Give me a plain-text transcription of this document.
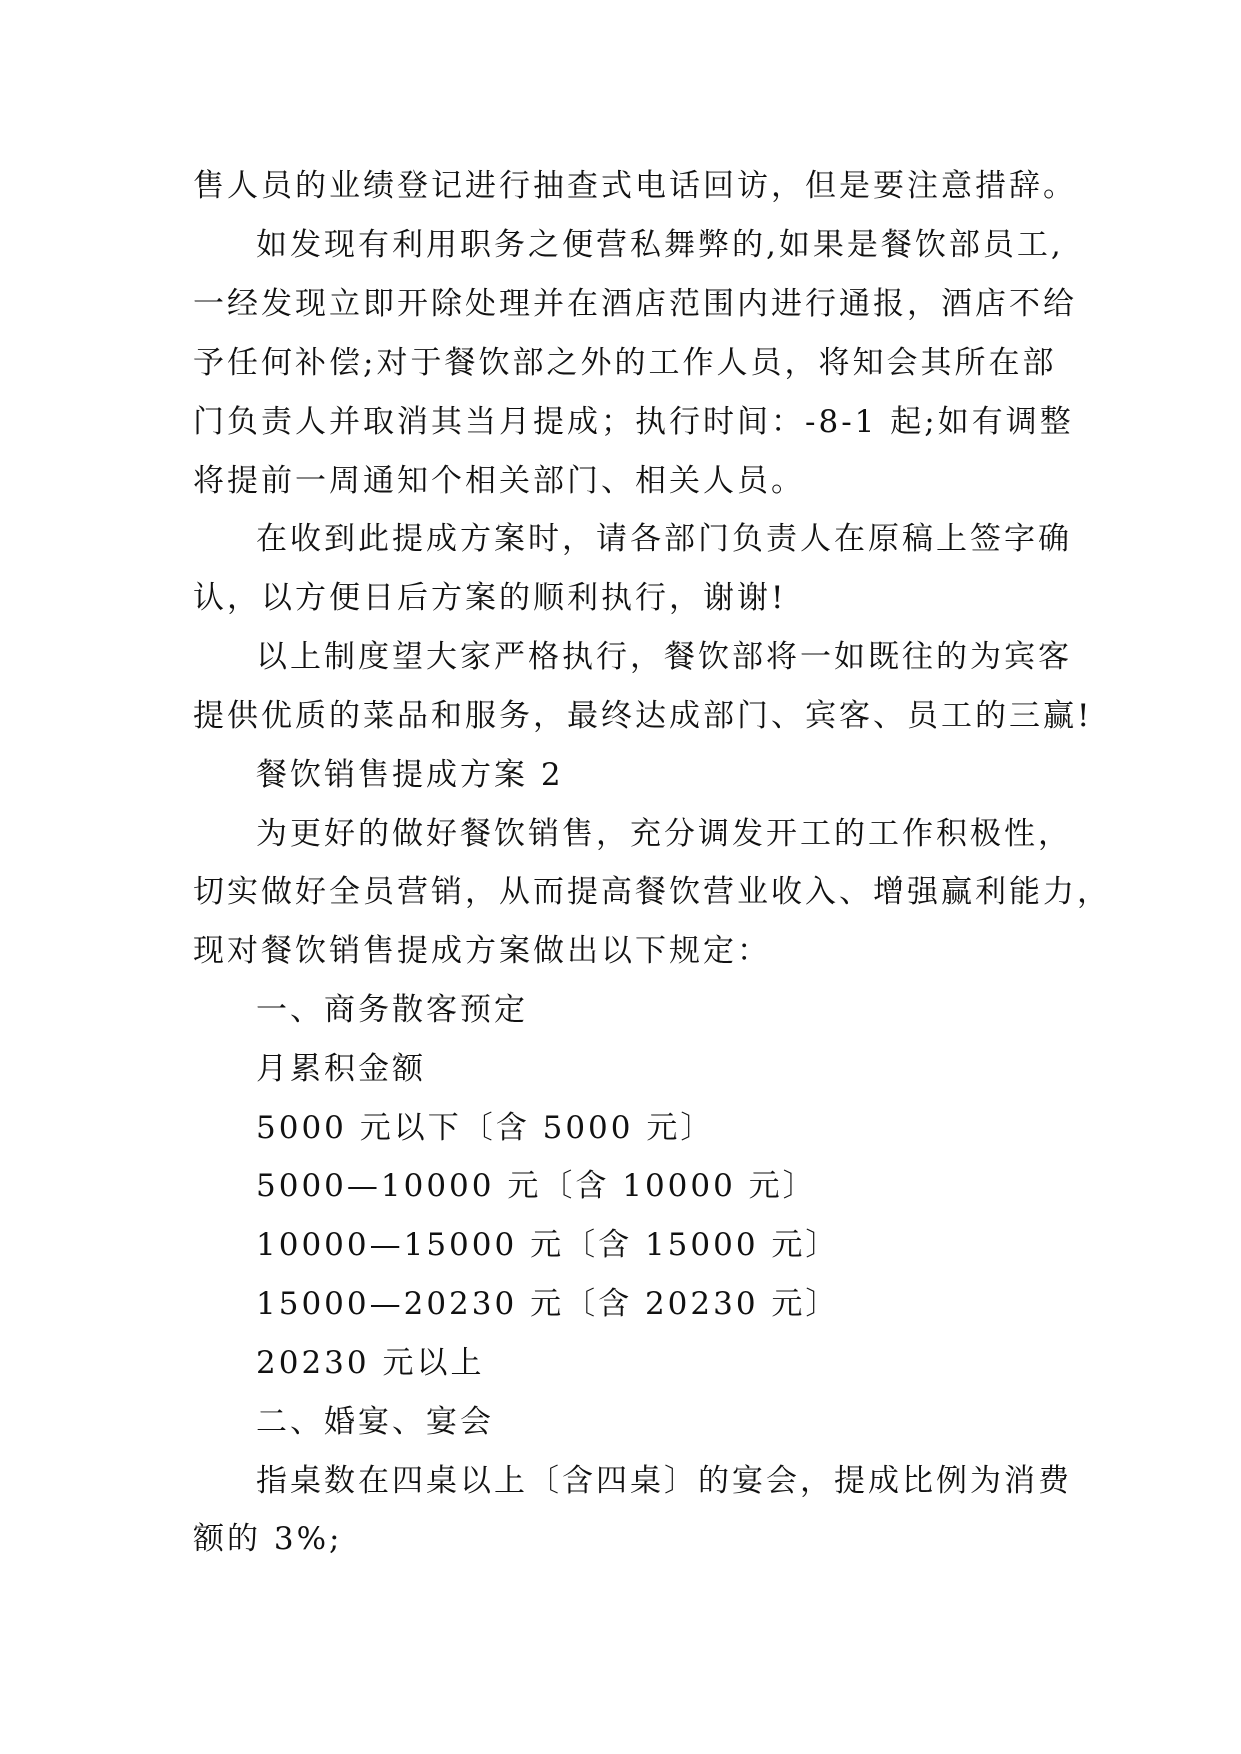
售人员的业绩登记进行抽查式电话回访，但是要注意措辞。
如发现有利用职务之便营私舞弊的,如果是餐饮部员工,
一经发现立即开除处理并在酒店范围内进行通报，酒店不给
予任何补偿;对于餐饮部之外的工作人员，将知会其所在部
门负责人并取消其当月提成；执行时间：-8-1 起;如有调整
将提前一周通知个相关部门、相关人员。
在收到此提成方案时，请各部门负责人在原稿上签字确
认，以方便日后方案的顺利执行，谢谢!
以上制度望大家严格执行，餐饮部将一如既往的为宾客
提供优质的菜品和服务，最终达成部门、宾客、员工的三赢!
餐饮销售提成方案 2
为更好的做好餐饮销售，充分调发开工的工作积极性，
切实做好全员营销，从而提高餐饮营业收入、增强赢利能力，
现对餐饮销售提成方案做出以下规定：
一、商务散客预定
月累积金额
5000 元以下〔含 5000 元〕
5000—10000 元〔含 10000 元〕
10000—15000 元〔含 15000 元〕
15000—20230 元〔含 20230 元〕
20230 元以上
二、婚宴、宴会
指桌数在四桌以上〔含四桌〕的宴会，提成比例为消费
额的 3%;
